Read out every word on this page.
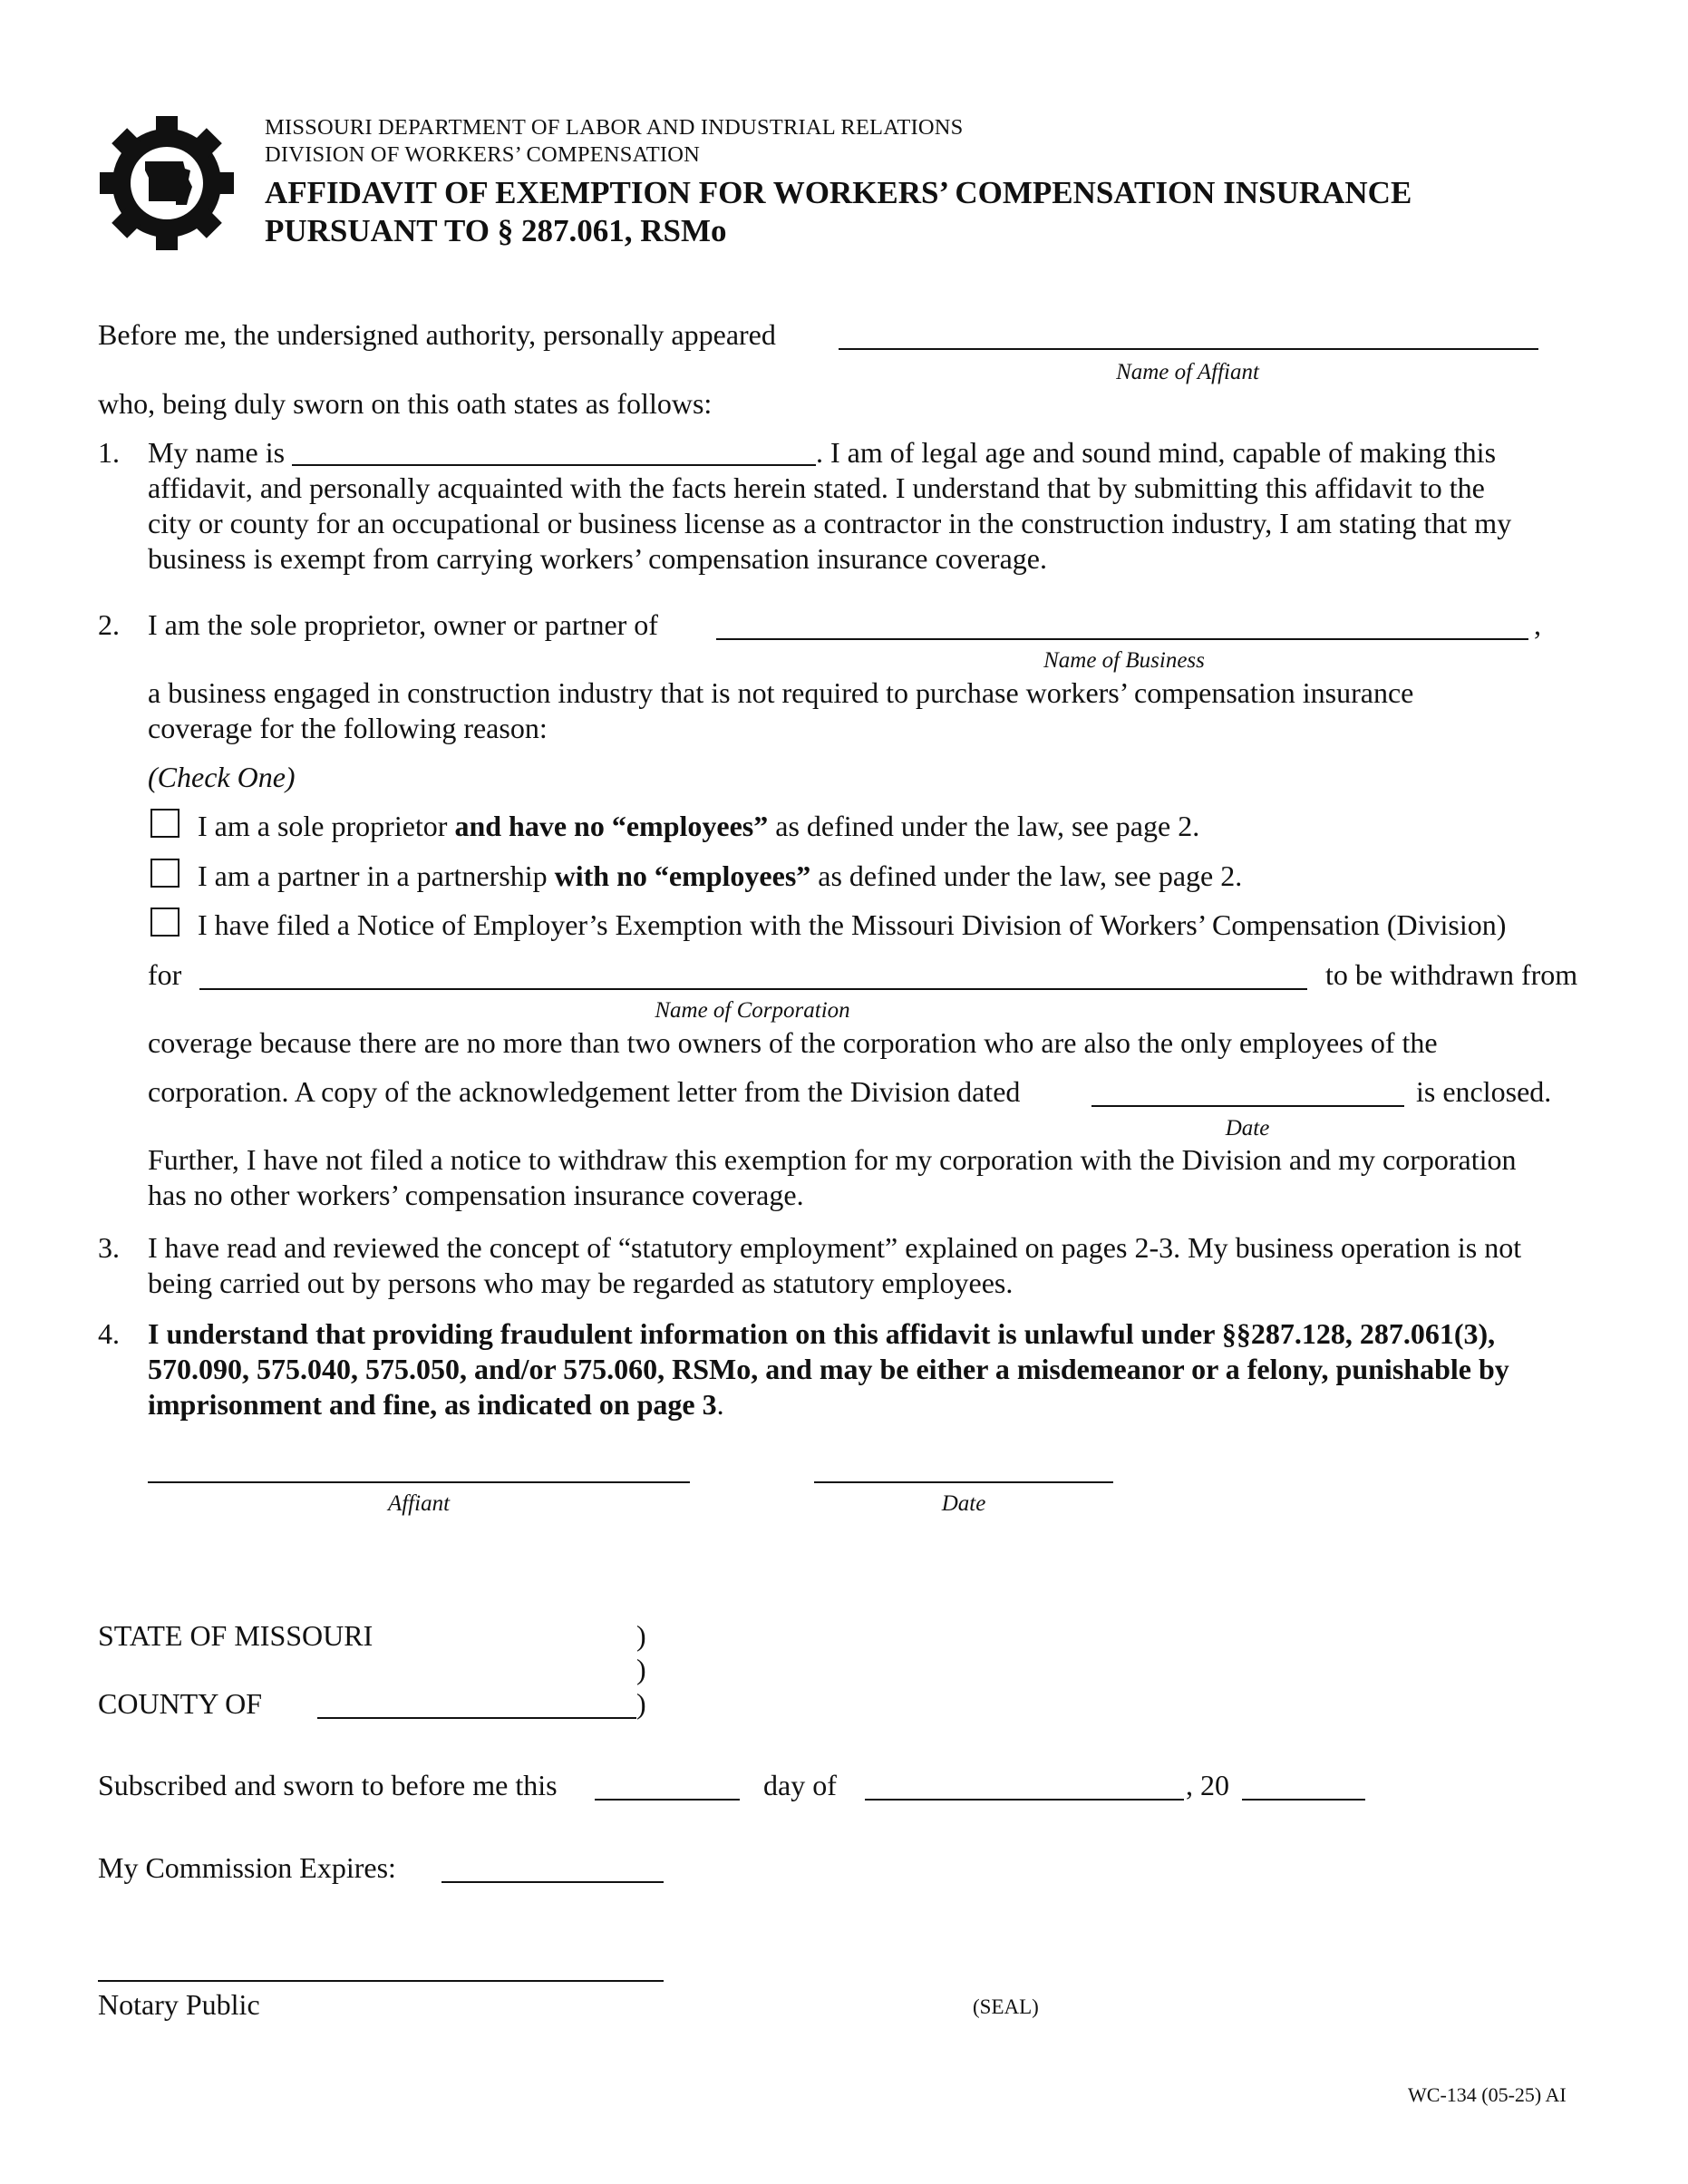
MISSOURI DEPARTMENT OF LABOR AND INDUSTRIAL RELATIONS
DIVISION OF WORKERS’ COMPENSATION
AFFIDAVIT OF EXEMPTION FOR WORKERS’ COMPENSATION INSURANCE
PURSUANT TO § 287.061, RSMo
Before me, the undersigned authority, personally appeared
Name of Affiant
who, being duly sworn on this oath states as follows:
1. My name is	. I am of legal age and sound mind, capable of making this
affidavit, and personally acquainted with the facts herein stated. I understand that by submitting this affidavit to the
city or county for an occupational or business license as a contractor in the construction industry, I am stating that my
business is exempt from carrying workers’ compensation insurance coverage.
2. I am the sole proprietor, owner or partner of	,
Name of Business
a business engaged in construction industry that is not required to purchase workers’ compensation insurance
coverage for the following reason:
(Check One)
I am a sole proprietor and have no “employees” as defined under the law, see page 2.
I am a partner in a partnership with no “employees” as defined under the law, see page 2.
I have filed a Notice of Employer’s Exemption with the Missouri Division of Workers’ Compensation (Division)
for	to be withdrawn from
Name of Corporation
coverage because there are no more than two owners of the corporation who are also the only employees of the
corporation. A copy of the acknowledgement letter from the Division dated	is enclosed.
Date
Further, I have not filed a notice to withdraw this exemption for my corporation with the Division and my corporation
has no other workers’ compensation insurance coverage.
3. I have read and reviewed the concept of “statutory employment” explained on pages 2-3. My business operation is not
being carried out by persons who may be regarded as statutory employees.
4. I understand that providing fraudulent information on this affidavit is unlawful under §§287.128, 287.061(3),
570.090, 575.040, 575.050, and/or 575.060, RSMo, and may be either a misdemeanor or a felony, punishable by
imprisonment and fine, as indicated on page 3.
Affiant	Date
STATE OF MISSOURI	)
)
COUNTY OF	)
Subscribed and sworn to before me this	day of	, 20
My Commission Expires:
Notary Public	(SEAL)
WC-134 (05-25) AI
